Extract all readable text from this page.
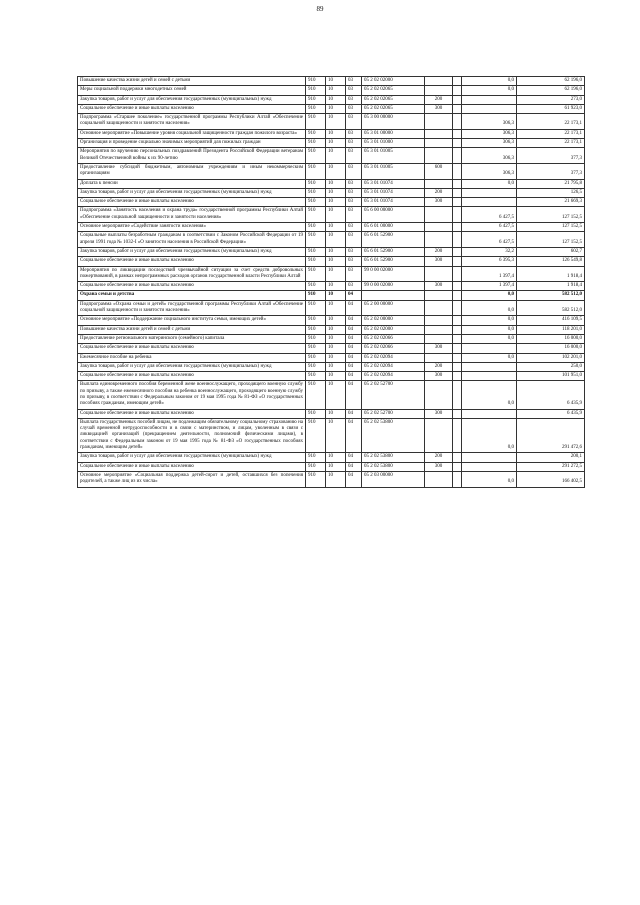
89
Повышение качества жизни детей и семей с детьми	910	10	03	05 2 02 02000			0,0	62 196,0
Меры социальной поддержки многодетных семей	910	10	03	05 2 02 02065			0,0	62 196,0
Закупка товаров, работ и услуг для обеспечения государственных (муниципальных) нужд	910	10	03	05 2 02 02065	200			273,0
Социальное обеспечение и иные выплаты населению	910	10	03	05 2 02 02065	300			61 923,0
Подпрограмма «Старшее поколение» государственной программы Республики Алтай «Обеспечение социальной защищенности и занятости населения»	910	10	03	05 3 00 00000			306,3	22 173,1
Основное мероприятие «Повышение уровня социальной защищенности граждан пожилого возраста»	910	10	03	05 3 01 00000			306,3	22 173,1
Организация и проведение социально значимых мероприятий для пожилых граждан	910	10	03	05 3 01 01000			306,3	22 173,1
Мероприятия по вручению персональных поздравлений Президента Российской Федерации ветеранам Великой Отечественной войны к их 90-летию	910	10	03	05 3 01 01005			306,3	377,3
Предоставление субсидий бюджетным, автономным учреждениям и иным некоммерческим организациям	910	10	03	05 3 01 01005	600		306,3	377,3
Доплата к пенсии	910	10	03	05 3 01 01074			0,0	21 795,8
Закупка товаров, работ и услуг для обеспечения государственных (муниципальных) нужд	910	10	03	05 3 01 01074	200			126,5
Социальное обеспечение и иные выплаты населению	910	10	03	05 3 01 01074	300			21 669,3
Подпрограмма «Занятость населения и охрана труда» государственной программы Республики Алтай «Обеспечение социальной защищенности и занятости населения»	910	10	03	05 6 00 00000			6 427,5	127 152,5
Основное мероприятие «Содействие занятости населения»	910	10	03	05 6 01 00000			6 427,5	127 152,5
Социальные выплаты безработным гражданам в соответствии с Законом Российской Федерации от 19 апреля 1991 года № 1032-I «О занятости населения в Российской Федерации»	910	10	03	05 6 01 52900			6 427,5	127 152,5
Закупка товаров, работ и услуг для обеспечения государственных (муниципальных) нужд	910	10	03	05 6 01 52900	200		32,2	602,7
Социальное обеспечение и иные выплаты населению	910	10	03	05 6 01 52900	300		6 395,3	126 549,8
Мероприятия по ликвидации последствий чрезвычайной ситуации за счет средств добровольных пожертвований, в рамках непрограммных расходов органов государственной власти Республики Алтай	910	10	03	99 0 00 02000			1 397,4	1 918,4
Социальное обеспечение и иные выплаты населению	910	10	03	99 0 00 02000	300		1 397,4	1 918,4
Охрана семьи и детства	910	10	04				0,0	582 512,0
Подпрограмма «Охрана семьи и детей» государственной программы Республики Алтай «Обеспечение социальной защищенности и занятости населения»	910	10	04	05 2 00 00000			0,0	582 512,0
Основное мероприятие «Поддержание социального института семьи, имеющих детей»	910	10	04	05 2 02 00000			0,0	416 109,5
Повышение качества жизни детей и семей с детьми	910	10	04	05 2 02 02000			0,0	118 201,0
Предоставление регионального материнского (семейного) капитала	910	10	04	05 2 02 02066			0,0	16 000,0
Социальное обеспечение и иные выплаты населению	910	10	04	05 2 02 02066	300			16 000,0
Ежемесячное пособие на ребенка	910	10	04	05 2 02 02094			0,0	102 201,0
Закупка товаров, работ и услуг для обеспечения государственных (муниципальных) нужд	910	10	04	05 2 02 02094	200			250,0
Социальное обеспечение и иные выплаты населению	910	10	04	05 2 02 02094	300			101 951,0
Выплата единовременного пособия беременной жене военнослужащего, проходящего военную службу по призыву, а также ежемесячного пособия на ребенка военнослужащего, проходящего военную службу по призыву, в соответствии с Федеральным законом от 19 мая 1995 года № 81-ФЗ «О государственных пособиях гражданам, имеющим детей»	910	10	04	05 2 02 52700			0,0	6 435,9
Социальное обеспечение и иные выплаты населению	910	10	04	05 2 02 52700	300			6 435,9
Выплата государственных пособий лицам, не подлежащим обязательному социальному страхованию на случай временной нетрудоспособности и в связи с материнством, и лицам, уволенным в связи с ликвидацией организаций (прекращением деятельности, полномочий физическими лицами), в соответствии с Федеральным законом от 19 мая 1995 года № 81-ФЗ «О государственных пособиях гражданам, имеющим детей»	910	10	04	05 2 02 53800			0,0	291 472,6
Закупка товаров, работ и услуг для обеспечения государственных (муниципальных) нужд	910	10	04	05 2 02 53800	200			200,1
Социальное обеспечение и иные выплаты населению	910	10	04	05 2 02 53800	300			291 272,5
Основное мероприятие «Социальная поддержка детей-сирот и детей, оставшихся без попечения родителей, а также лиц из их числа»	910	10	04	05 2 03 00000			0,0	166 402,5
